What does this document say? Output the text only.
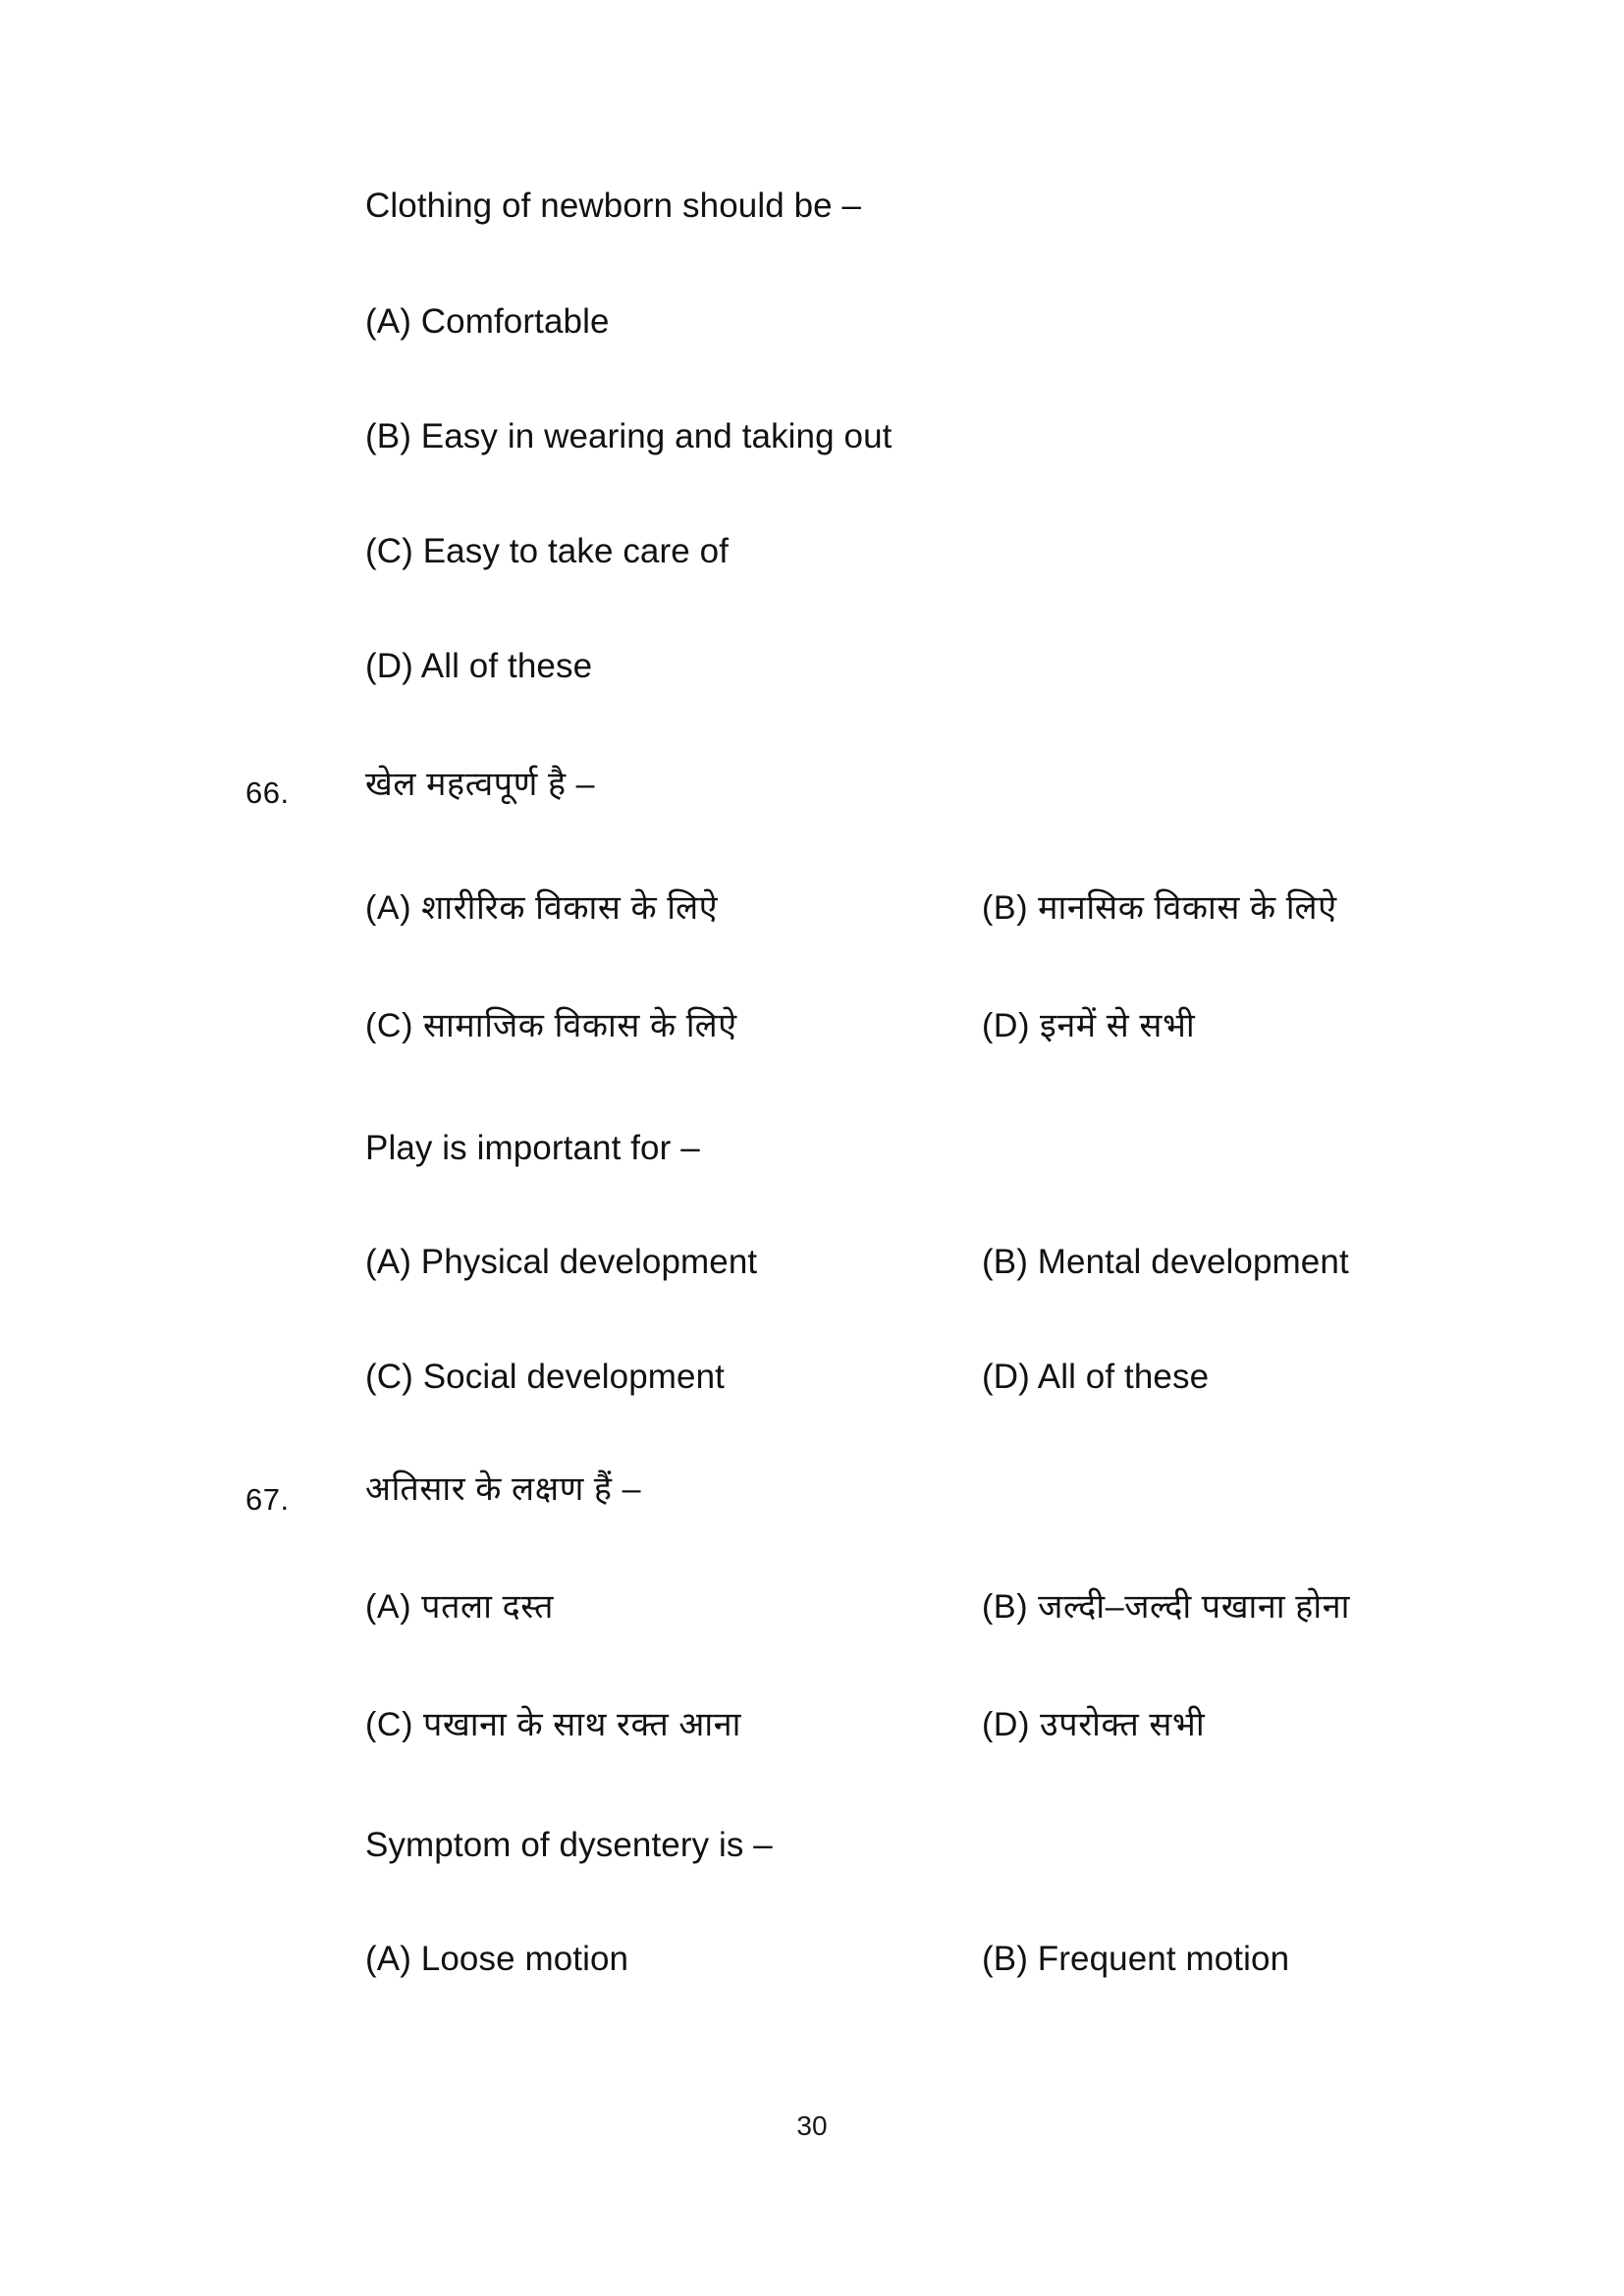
Clothing of newborn should be –
(A) Comfortable
(B) Easy in wearing and taking out
(C) Easy to take care of
(D) All of these
66. खेल महत्वपूर्ण है –
(A) शारीरिक विकास के लिऐ	(B) मानसिक विकास के लिऐ
(C) सामाजिक विकास के लिऐ	(D) इनमें से सभी
Play is important for –
(A) Physical development	(B) Mental development
(C) Social development	(D) All of these
67. अतिसार के लक्षण हैं –
(A) पतला दस्त	(B) जल्दी–जल्दी पखाना होना
(C) पखाना के साथ रक्त आना	(D) उपरोक्त सभी
Symptom of dysentery is –
(A) Loose motion	(B) Frequent motion
30
